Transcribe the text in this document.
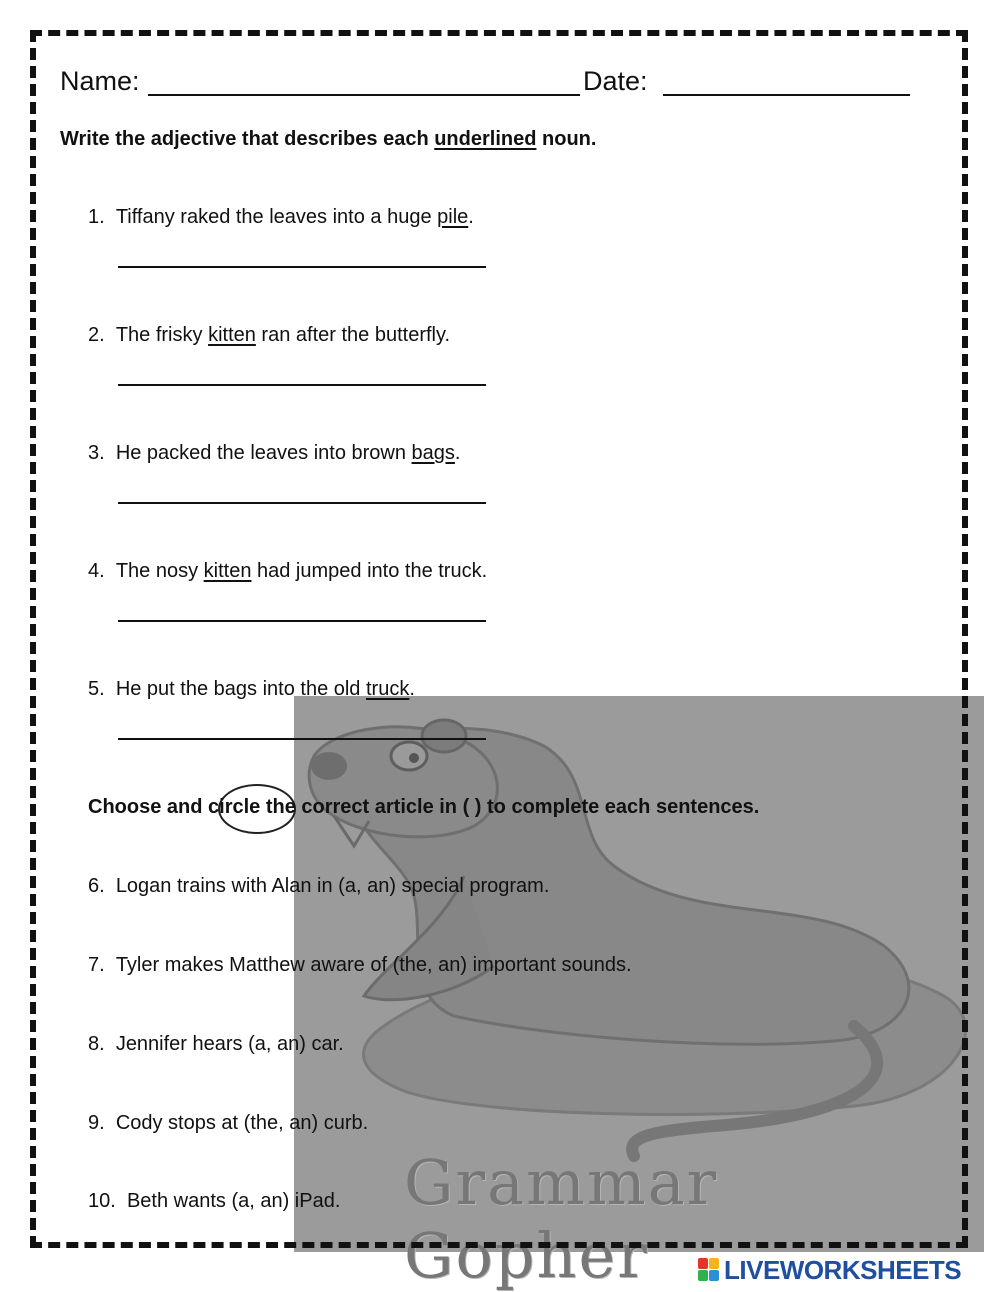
Grammar Gopher
Name:	Date:
Write the adjective that describes each underlined noun.
1. Tiffany raked the leaves into a huge pile.
2. The frisky kitten ran after the butterfly.
3. He packed the leaves into brown bags.
4. The nosy kitten had jumped into the truck.
5. He put the bags into the old truck.
Choose and circle the correct article in ( ) to complete each sentences.
6. Logan trains with Alan in (a, an) special program.
7. Tyler makes Matthew aware of (the, an) important sounds.
8. Jennifer hears (a, an) car.
9. Cody stops at (the, an) curb.
10. Beth wants (a, an) iPad.
LIVEWORKSHEETS
